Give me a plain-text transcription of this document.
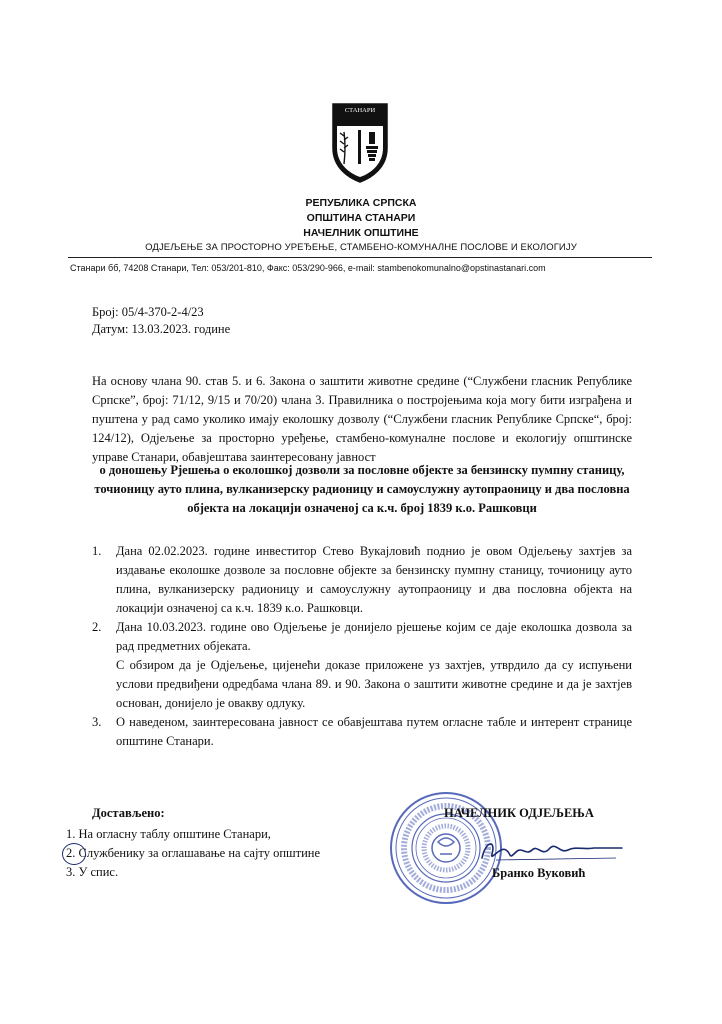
СТАНАРИ
РЕПУБЛИКА СРПСКА
ОПШТИНА СТАНАРИ
НАЧЕЛНИК ОПШТИНЕ
ОДЈЕЉЕЊЕ ЗА ПРОСТОРНО УРЕЂЕЊЕ, СТАМБЕНО-КОМУНАЛНЕ ПОСЛОВЕ И ЕКОЛОГИЈУ
Станари бб, 74208 Станари, Тел: 053/201-810, Факс: 053/290-966, e-mail: stambenokomunalno@opstinastanari.com
Број: 05/4-370-2-4/23
Датум: 13.03.2023. године
На основу члана 90. став 5. и 6. Закона о заштити животне средине (“Службени гласник Републике Српске”, број: 71/12, 9/15 и 70/20) члана 3. Правилника о постројењима која могу бити изграђена и пуштена у рад само уколико имају еколошку дозволу (“Службени гласник Републике Српске“, број: 124/12), Одјељење за просторно уређење, стамбено-комуналне послове и екологију општинске управе Станари, обавјештава заинтересовану јавност
о доношењу Рјешења о еколошкој дозволи за пословне објекте за бензинску пумпну станицу, точионицу ауто плина, вулканизерску радионицу и самоуслужну аутопраоницу и два пословна објекта на локацији означеној са к.ч. број 1839 к.о. Рашковци
1. Дана 02.02.2023. године инвеститор Стево Вукајловић поднио је овом Одјељењу захтјев за издавање еколошке дозволе за пословне објекте за бензинску пумпну станицу, точионицу ауто плина, вулканизерску радионицу и самоуслужну аутопраоницу и два пословна објекта на локацији означеној са к.ч. 1839 к.о. Рашковци.

2. Дана 10.03.2023. године ово Одјељење је донијело рјешење којим се даје еколошка дозвола за рад предметних објеката.

С обзиром да је Одјељење, цијенећи доказе приложене уз захтјев, утврдило да су испуњени услови предвиђени одредбама члана 89. и 90. Закона о заштити животне средине и да је захтјев основан, донијело је овакву одлуку.

3. О наведеном, заинтересована јавност се обавјештава путем огласне табле и интерент странице општине Станари.

Достављено:
1. На огласну таблу општине Станари,
2. Службенику за оглашавање на сајту општине
3. У спис.
НАЧЕЛНИК ОДЈЕЉЕЊА
Бранко Вуковић
